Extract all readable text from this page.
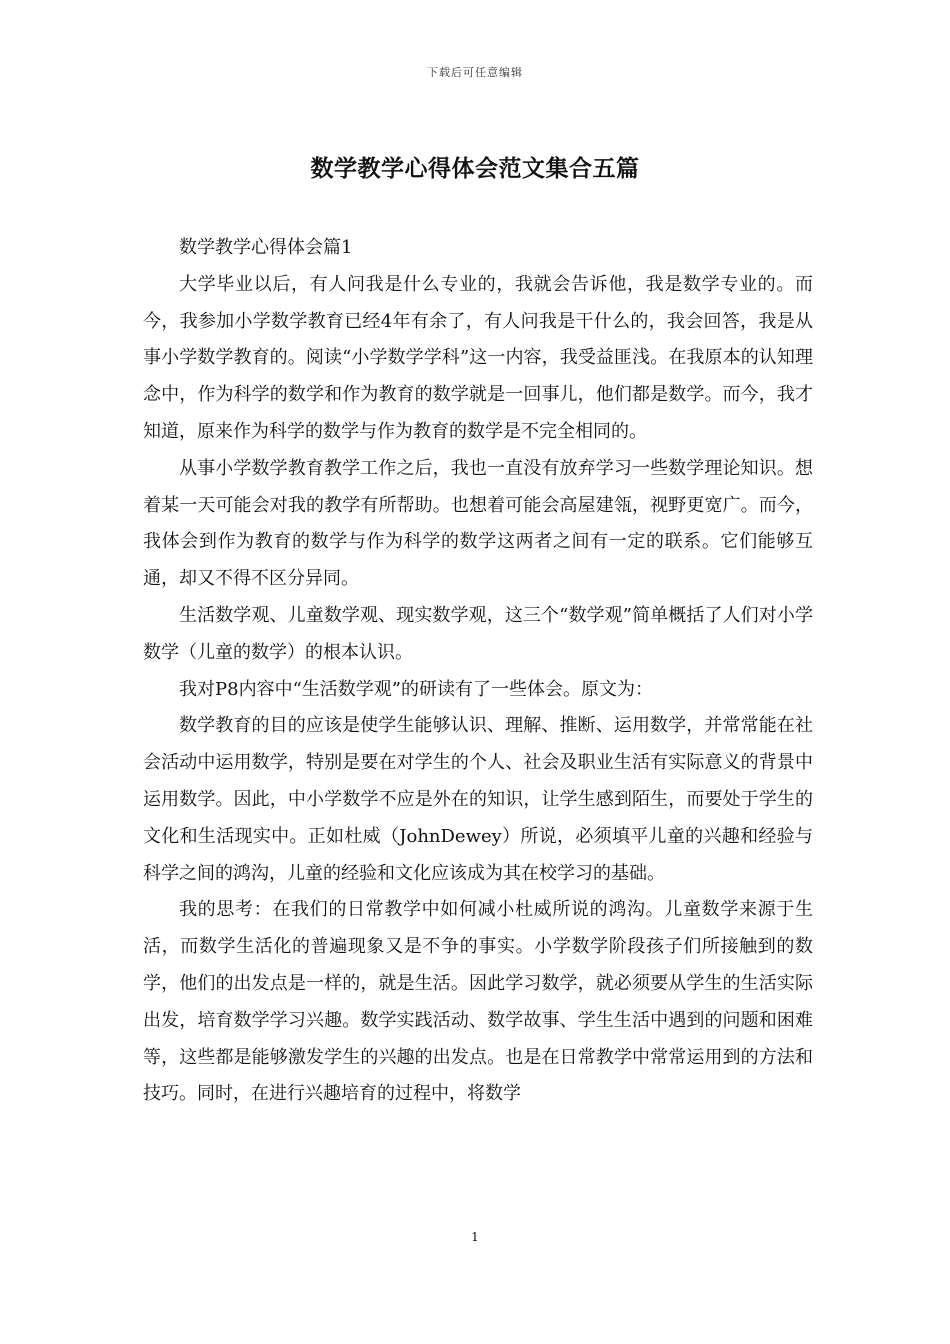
下载后可任意编辑
数学教学心得体会范文集合五篇

数学教学心得体会篇1

大学毕业以后，有人问我是什么专业的，我就会告诉他，我是数学专业的。而今，我参加小学数学教育已经4年有余了，有人问我是干什么的，我会回答，我是从事小学数学教育的。阅读“小学数学学科”这一内容，我受益匪浅。在我原本的认知理念中，作为科学的数学和作为教育的数学就是一回事儿，他们都是数学。而今，我才知道，原来作为科学的数学与作为教育的数学是不完全相同的。

从事小学数学教育教学工作之后，我也一直没有放弃学习一些数学理论知识。想着某一天可能会对我的教学有所帮助。也想着可能会高屋建瓴，视野更宽广。而今，我体会到作为教育的数学与作为科学的数学这两者之间有一定的联系。它们能够互通，却又不得不区分异同。

生活数学观、儿童数学观、现实数学观，这三个“数学观”简单概括了人们对小学数学（儿童的数学）的根本认识。

我对P8内容中“生活数学观”的研读有了一些体会。原文为：

数学教育的目的应该是使学生能够认识、理解、推断、运用数学，并常常能在社会活动中运用数学，特别是要在对学生的个人、社会及职业生活有实际意义的背景中运用数学。因此，中小学数学不应是外在的知识，让学生感到陌生，而要处于学生的文化和生活现实中。正如杜威（JohnDewey）所说，必须填平儿童的兴趣和经验与科学之间的鸿沟，儿童的经验和文化应该成为其在校学习的基础。

我的思考：在我们的日常教学中如何减小杜威所说的鸿沟。儿童数学来源于生活，而数学生活化的普遍现象又是不争的事实。小学数学阶段孩子们所接触到的数学，他们的出发点是一样的，就是生活。因此学习数学，就必须要从学生的生活实际出发，培育数学学习兴趣。数学实践活动、数学故事、学生生活中遇到的问题和困难等，这些都是能够激发学生的兴趣的出发点。也是在日常教学中常常运用到的方法和技巧。同时，在进行兴趣培育的过程中，将数学

1
